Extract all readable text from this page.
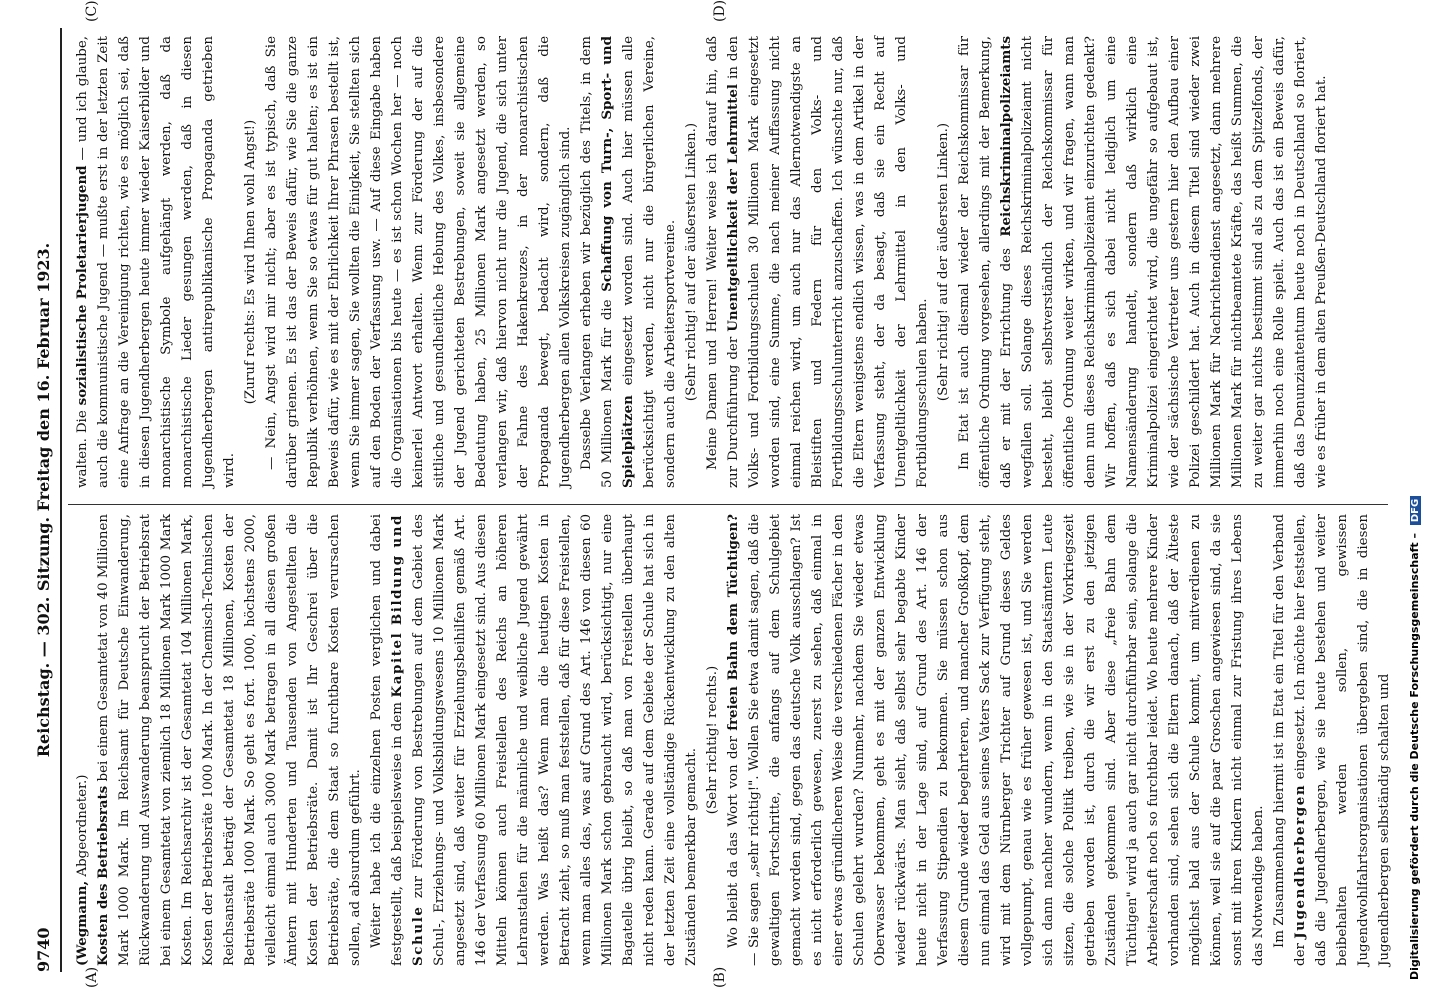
9740
Reichstag. — 302. Sitzung. Freitag den 16. Februar 1923.
(A)	(B)
(C)	(D)

(Wegmann, Abgeordneter.) Kosten des Betriebsrats bei einem Gesamtetat von 40 Millionen Mark 1000 Mark. Im Reichsamt für Deutsche Einwanderung, Rückwanderung und Auswanderung beansprucht der Betriebsrat bei einem Gesamtetat von ziemlich 18 Millionen Mark 1000 Mark Kosten. Im Reichsarchiv ist der Gesamtetat 104 Millionen Mark, Kosten der Betriebsräte 1000 Mark. In der Chemisch-Technischen Reichsanstalt beträgt der Gesamtetat 18 Millionen, Kosten der Betriebsräte 1000 Mark. So geht es fort. 1000, höchstens 2000, vielleicht einmal auch 3000 Mark betragen in all diesen großen Ämtern mit Hunderten und Tausenden von Angestellten die Kosten der Betriebsräte. Damit ist Ihr Geschrei über die Betriebsräte, die dem Staat so furchtbare Kosten verursachen sollen, ad absurdum geführt. Weiter habe ich die einzelnen Posten verglichen und dabei festgestellt, daß beispielsweise in dem Kapitel Bildung und Schule zur Förderung von Bestrebungen auf dem Gebiet des Schul-, Erziehungs- und Volksbildungswesens 10 Millionen Mark angesetzt sind, daß weiter für Erziehungsbeihilfen gemäß Art. 146 der Verfassung 60 Millionen Mark eingesetzt sind. Aus diesen Mitteln können auch Freistellen des Reichs an höheren Lehranstalten für die männliche und weibliche Jugend gewährt werden. Was heißt das? Wenn man die heutigen Kosten in Betracht zieht, so muß man feststellen, daß für diese Freistellen, wenn man alles das, was auf Grund des Art. 146 von diesen 60 Millionen Mark schon gebraucht wird, berücksichtigt, nur eine Bagatelle übrig bleibt, so daß man von Freistellen überhaupt nicht reden kann. Gerade auf dem Gebiete der Schule hat sich in der letzten Zeit eine vollständige Rückentwicklung zu den alten Zuständen bemerkbar gemacht.

(Sehr richtig! rechts.) Wo bleibt da das Wort von der freien Bahn dem Tüchtigen? — Sie sagen „sehr richtig!". Wollen Sie etwa damit sagen, daß die gewaltigen Fortschritte, die anfangs auf dem Schulgebiet gemacht worden sind, gegen das deutsche Volk ausschlagen? Ist es nicht erforderlich gewesen, zuerst zu sehen, daß einmal in einer etwas gründlicheren Weise die verschiedenen Fächer in den Schulen gelehrt wurden? Nunmehr, nachdem Sie wieder etwas Oberwasser bekommen, geht es mit der ganzen Entwicklung wieder rückwärts. Man sieht, daß selbst sehr begabte Kinder heute nicht in der Lage sind, auf Grund des Art. 146 der Verfassung Stipendien zu bekommen. Sie müssen schon aus diesem Grunde wieder begehrteren, und mancher Großkopf, dem nun einmal das Geld aus seines Vaters Sack zur Verfügung steht, wird mit dem Nürnberger Trichter auf Grund dieses Geldes vollgepumpt, genau wie es früher gewesen ist, und Sie werden sich dann nachher wundern, wenn in den Staatsämtern Leute sitzen, die solche Politik treiben, wie sie in der Vorkriegszeit getrieben worden ist, durch die wir erst zu den jetzigen Zuständen gekommen sind. Aber diese „freie Bahn dem Tüchtigen" wird ja auch gar nicht durchführbar sein, solange die Arbeiterschaft noch so furchtbar leidet. Wo heute mehrere Kinder vorhanden sind, sehen sich die Eltern danach, daß der Älteste möglichst bald aus der Schule kommt, um mitverdienen zu können, weil sie auf die paar Groschen angewiesen sind, da sie sonst mit ihren Kindern nicht einmal zur Fristung ihres Lebens das Notwendige haben. Im Zusammenhang hiermit ist im Etat ein Titel für den Verband der Jugendherbergen eingesetzt. Ich möchte hier feststellen, daß die Jugendherbergen, wie sie heute bestehen und weiter beibehalten werden sollen, gewissen Jugendwohlfahrtsorganisationen übergeben sind, die in diesen Jugendherbergen selbständig schalten und

walten. Die sozialistische Proletarierjugend — und ich glaube, auch die kommunistische Jugend — mußte erst in der letzten Zeit eine Anfrage an die Vereinigung richten, wie es möglich sei, daß in diesen Jugendherbergen heute immer wieder Kaiserbilder und monarchistische Symbole aufgehängt werden, daß da monarchistische Lieder gesungen werden, daß in diesen Jugendherbergen antirepublikanische Propaganda getrieben wird.

(Zuruf rechts: Es wird Ihnen wohl Angst!) — Nein, Angst wird mir nicht; aber es ist typisch, daß Sie darüber grienen. Es ist das der Beweis dafür, wie Sie die ganze Republik verhöhnen, wenn Sie so etwas für gut halten; es ist ein Beweis dafür, wie es mit der Ehrlichkeit Ihrer Phrasen bestellt ist, wenn Sie immer sagen, Sie wollten die Einigkeit, Sie stellten sich auf den Boden der Verfassung usw. — Auf diese Eingabe haben die Organisationen bis heute — es ist schon Wochen her — noch keinerlei Antwort erhalten. Wenn zur Förderung der auf die sittliche und gesundheitliche Hebung des Volkes, insbesondere der Jugend gerichteten Bestrebungen, soweit sie allgemeine Bedeutung haben, 25 Millionen Mark angesetzt werden, so verlangen wir, daß hiervon nicht nur die Jugend, die sich unter der Fahne des Hakenkreuzes, in der monarchistischen Propaganda bewegt, bedacht wird, sondern, daß die Jugendherbergen allen Volkskreisen zugänglich sind. Dasselbe Verlangen erheben wir bezüglich des Titels, in dem 50 Millionen Mark für die Schaffung von Turn-, Sport- und Spielplätzen eingesetzt worden sind. Auch hier müssen alle berücksichtigt werden, nicht nur die bürgerlichen Vereine, sondern auch die Arbeitersportvereine. (Sehr richtig! auf der äußersten Linken.) Meine Damen und Herren! Weiter weise ich darauf hin, daß zur Durchführung der Unentgeltlichkeit der Lehrmittel in den Volks- und Fortbildungsschulen 30 Millionen Mark eingesetzt worden sind, eine Summe, die nach meiner Auffassung nicht einmal reichen wird, um auch nur das Allernotwendigste an Bleistiften und Federn für den Volks- und Fortbildungsschulunterricht anzuschaffen. Ich wünschte nur, daß die Eltern wenigstens endlich wissen, was in dem Artikel in der Verfassung steht, der da besagt, daß sie ein Recht auf Unentgeltlichkeit der Lehrmittel in den Volks- und Fortbildungsschulen haben. (Sehr richtig! auf der äußersten Linken.) Im Etat ist auch diesmal wieder der Reichskommissar für öffentliche Ordnung vorgesehen, allerdings mit der Bemerkung, daß er mit der Errichtung des Reichskriminalpolizeiamts wegfallen soll. Solange dieses Reichskriminalpolizeiamt nicht besteht, bleibt selbstverständlich der Reichskommissar für öffentliche Ordnung weiter wirken, und wir fragen, wann man denn nun dieses Reichskriminalpolizeiamt einzurichten gedenkt? Wir hoffen, daß es sich dabei nicht lediglich um eine Namensänderung handelt, sondern daß wirklich eine Kriminalpolizei eingerichtet wird, die ungefähr so aufgebaut ist, wie der sächsische Vertreter uns gestern hier den Aufbau einer Polizei geschildert hat. Auch in diesem Titel sind wieder zwei Millionen Mark für Nachrichtendienst angesetzt, dann mehrere Millionen Mark für nichtbeamtete Kräfte, das heißt Summen, die zu weiter gar nichts bestimmt sind als zu dem Spitzelfonds, der immerhin noch eine Rolle spielt. Auch das ist ein Beweis dafür, daß das Denunziantentum heute noch in Deutschland so floriert, wie es früher in dem alten Preußen-Deutschland floriert hat.

Digitalisierung gefördert durch die Deutsche Forschungsgemeinschaft – DFG
